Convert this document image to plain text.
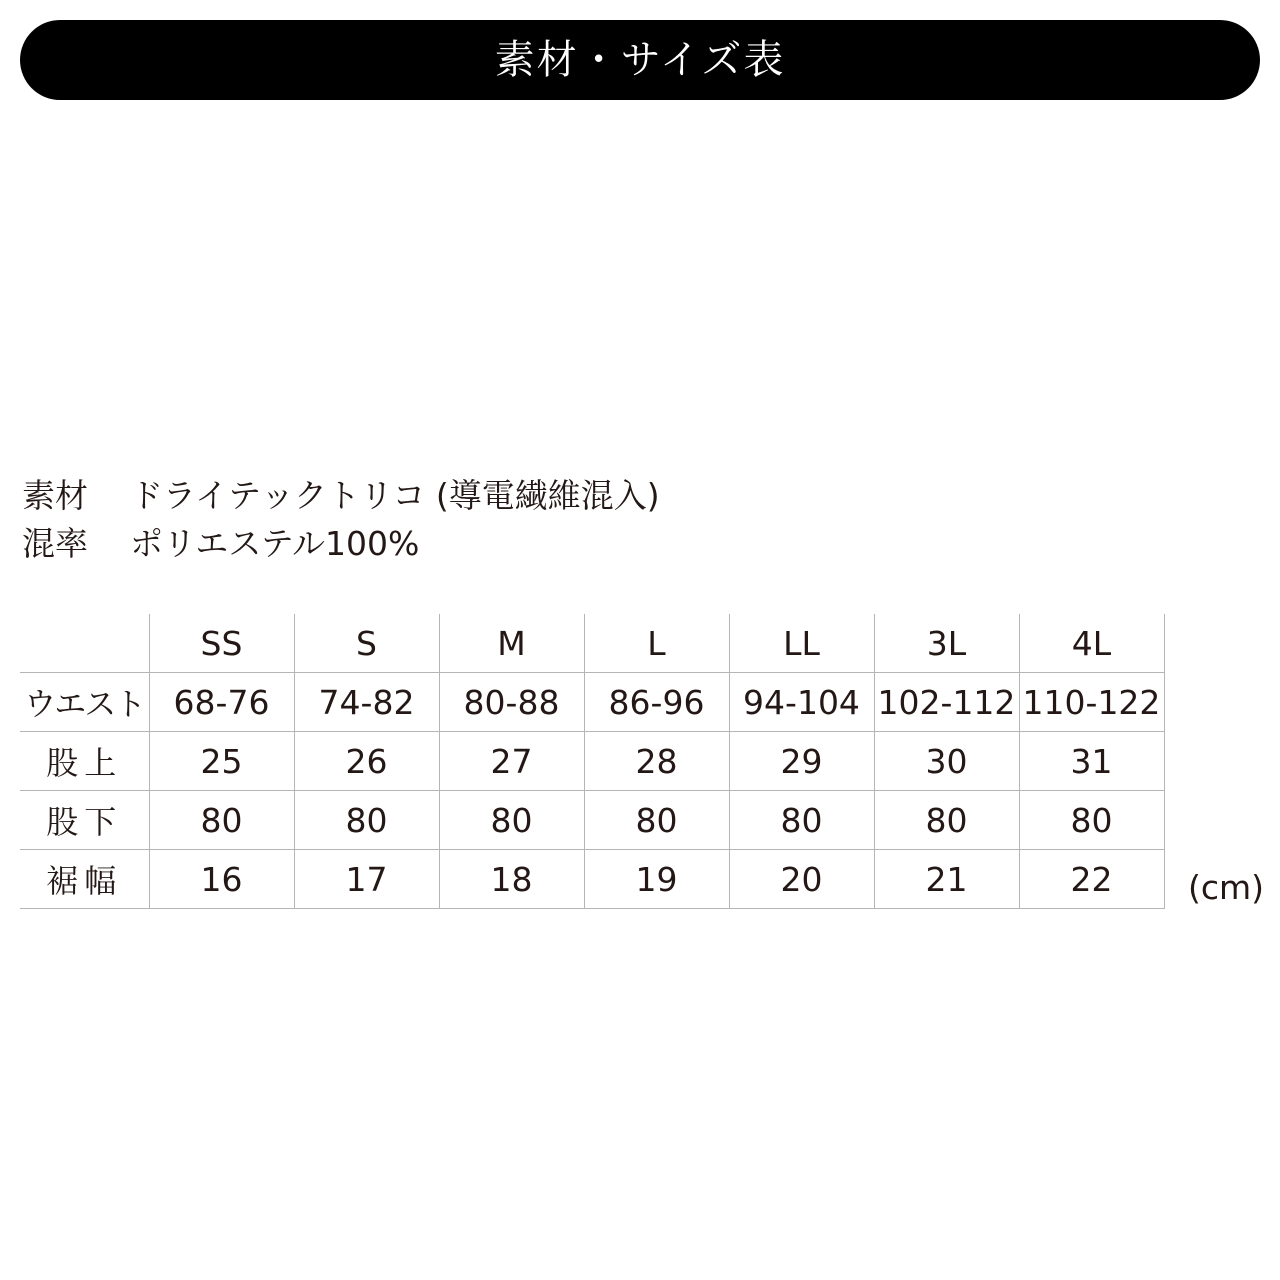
素材・サイズ表
素材	ドライテックトリコ (導電繊維混入)
混率	ポリエステル100%
	SS	S	M	L	LL	3L	4L
ウエスト	68-76	74-82	80-88	86-96	94-104	102-112	110-122
股上	25	26	27	28	29	30	31
股下	80	80	80	80	80	80	80
裾幅	16	17	18	19	20	21	22 (cm)
